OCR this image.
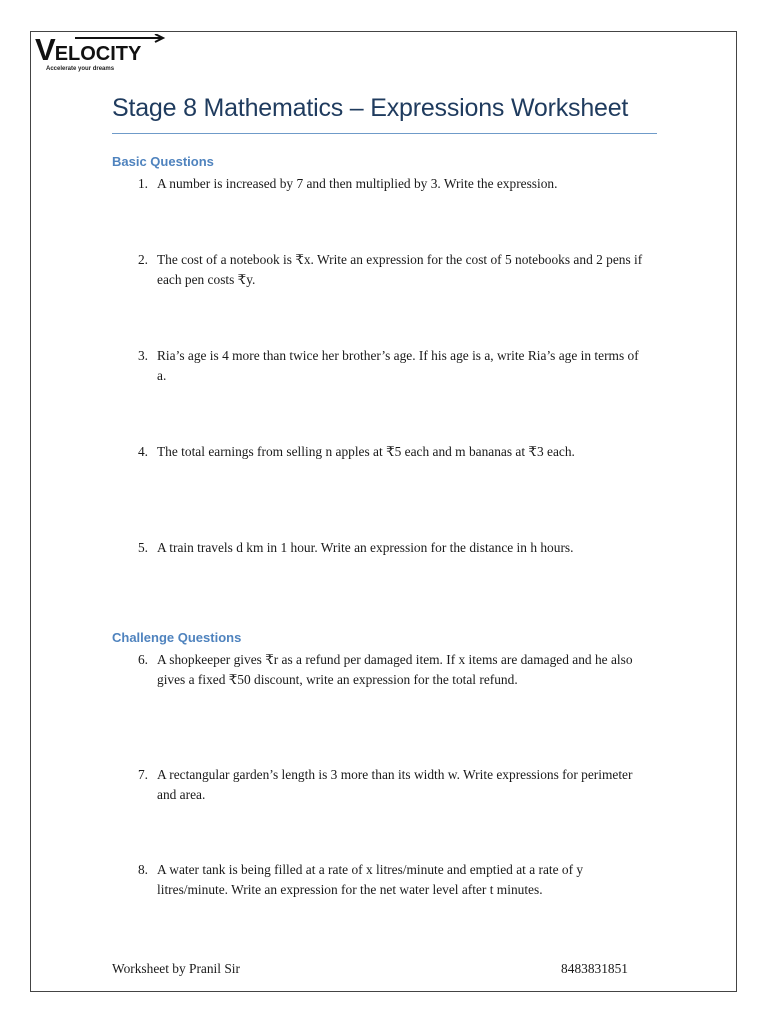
VELOCITY
Accelerate your dreams
Stage 8 Mathematics – Expressions Worksheet
Basic Questions
1. A number is increased by 7 and then multiplied by 3. Write the expression.
2. The cost of a notebook is ₹x. Write an expression for the cost of 5 notebooks and 2 pens if each pen costs ₹y.
3. Ria’s age is 4 more than twice her brother’s age. If his age is a, write Ria’s age in terms of a.
4. The total earnings from selling n apples at ₹5 each and m bananas at ₹3 each.
5. A train travels d km in 1 hour. Write an expression for the distance in h hours.
Challenge Questions
6. A shopkeeper gives ₹r as a refund per damaged item. If x items are damaged and he also gives a fixed ₹50 discount, write an expression for the total refund.
7. A rectangular garden’s length is 3 more than its width w. Write expressions for perimeter and area.
8. A water tank is being filled at a rate of x litres/minute and emptied at a rate of y litres/minute. Write an expression for the net water level after t minutes.
Worksheet by Pranil Sir	8483831851
